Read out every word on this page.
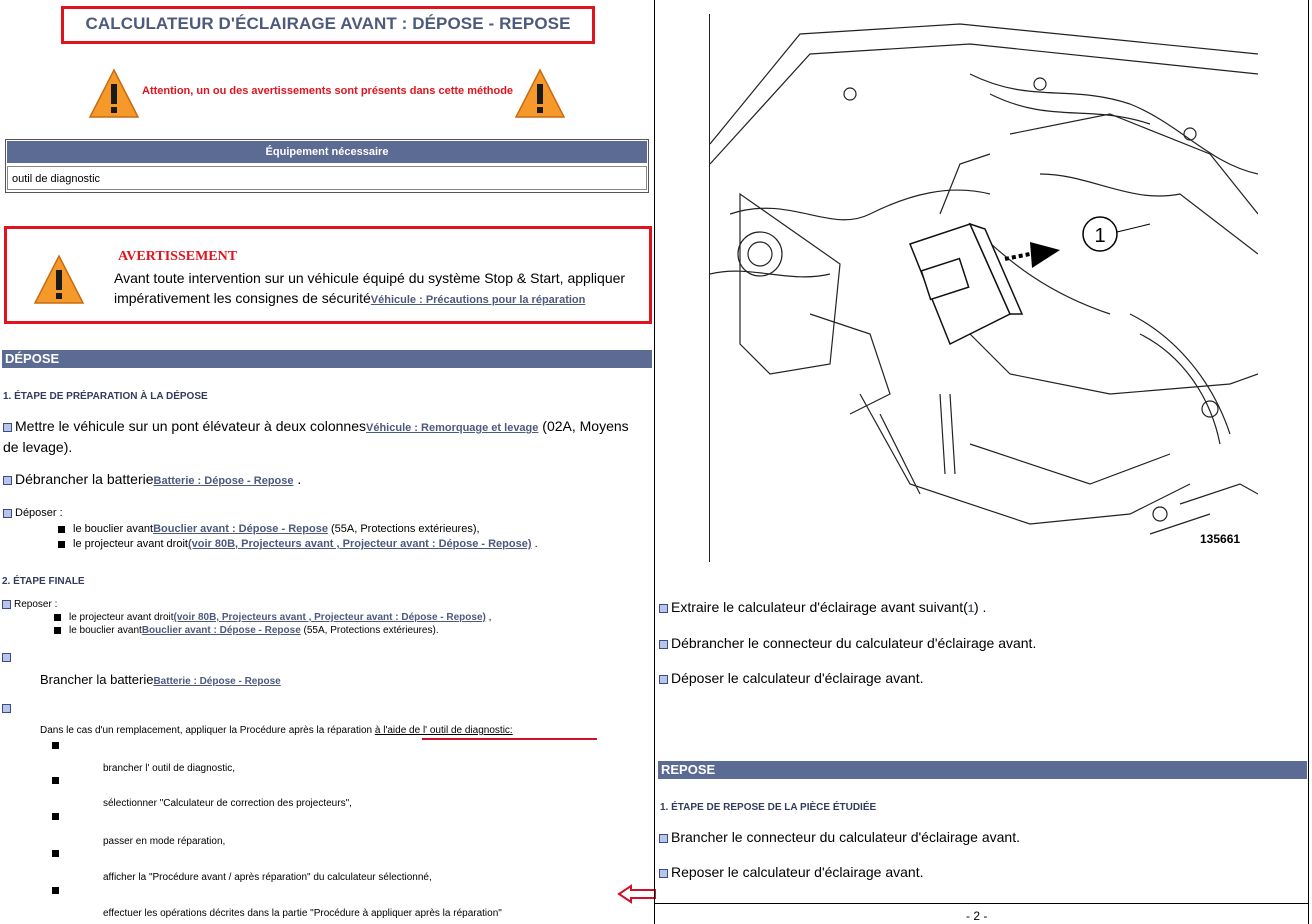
CALCULATEUR D'ÉCLAIRAGE AVANT : DÉPOSE - REPOSE
Attention, un ou des avertissements sont présents dans cette méthode
Équipement nécessaire
outil de diagnostic
AVERTISSEMENT
Avant toute intervention sur un véhicule équipé du système Stop & Start, appliquer impérativement les consignes de sécuritéVéhicule : Précautions pour la réparation
DÉPOSE
1. ÉTAPE DE PRÉPARATION À LA DÉPOSE
Mettre le véhicule sur un pont élévateur à deux colonnesVéhicule : Remorquage et levage (02A, Moyens de levage).
Débrancher la batterieBatterie : Dépose - Repose .
Déposer :
le bouclier avantBouclier avant : Dépose - Repose (55A, Protections extérieures),
le projecteur avant droit(voir 80B, Projecteurs avant , Projecteur avant : Dépose - Repose) .
2. ÉTAPE FINALE
Reposer :
le projecteur avant droit(voir 80B, Projecteurs avant , Projecteur avant : Dépose - Repose) ,
le bouclier avantBouclier avant : Dépose - Repose (55A, Protections extérieures).
Brancher la batterieBatterie : Dépose - Repose
Dans le cas d'un remplacement, appliquer la Procédure après la réparation à l'aide de l' outil de diagnostic:
brancher l' outil de diagnostic,
sélectionner "Calculateur de correction des projecteurs",
passer en mode réparation,
afficher la "Procédure avant / après réparation" du calculateur sélectionné,
effectuer les opérations décrites dans la partie "Procédure à appliquer après la réparation"
1
135661
Extraire le calculateur d'éclairage avant suivant(1) .
Débrancher le connecteur du calculateur d'éclairage avant.
Déposer le calculateur d'éclairage avant.
REPOSE
1. ÉTAPE DE REPOSE DE LA PIÈCE ÉTUDIÉE
Brancher le connecteur du calculateur d'éclairage avant.
Reposer le calculateur d'éclairage avant.
- 2 -
